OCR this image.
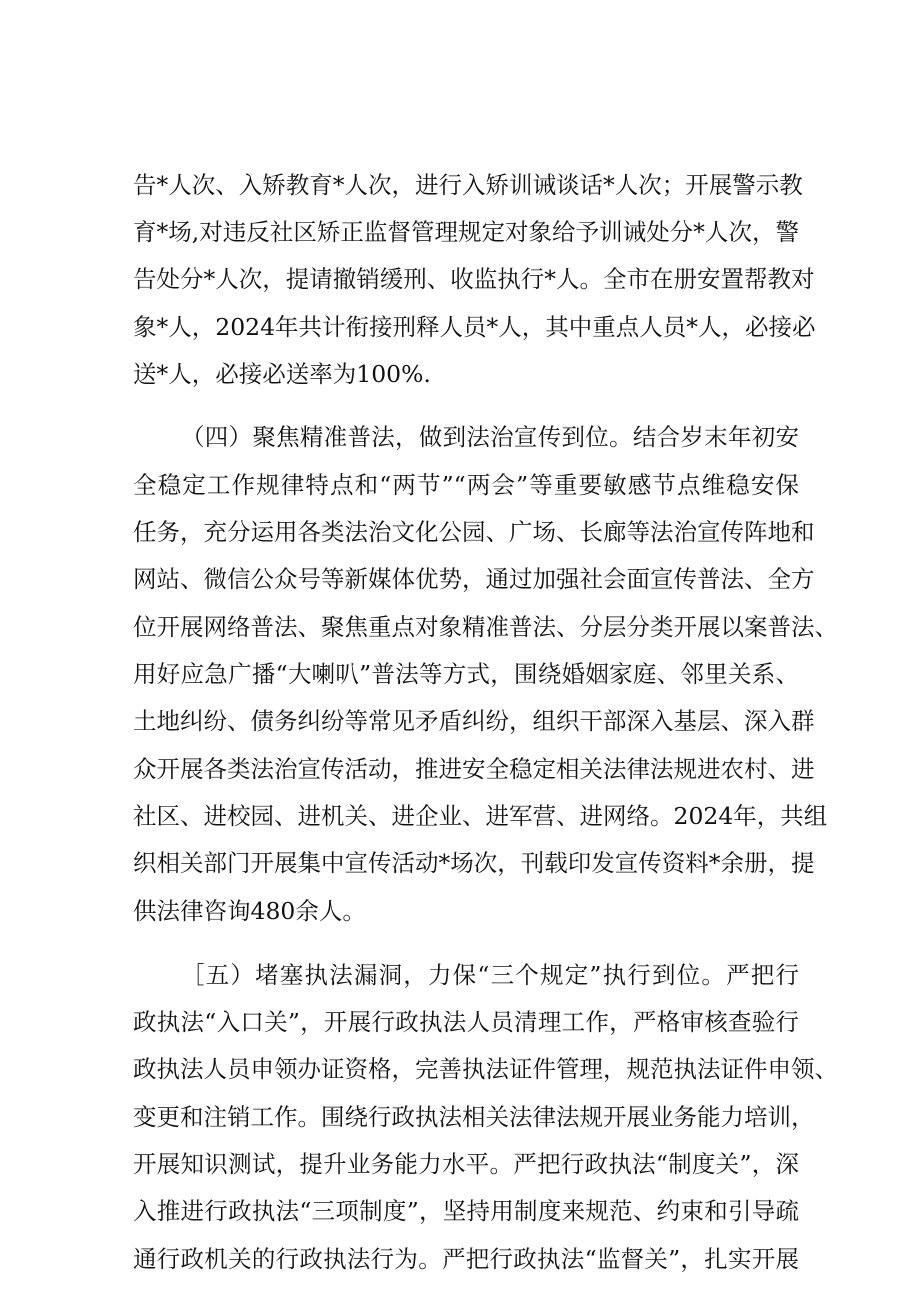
告*人次、入矫教育*人次，进行入矫训诫谈话*人次；开展警示教
育*场,对违反社区矫正监督管理规定对象给予训诫处分*人次，警
告处分*人次，提请撤销缓刑、收监执行*人。全市在册安置帮教对
象*人，2024年共计衔接刑释人员*人，其中重点人员*人，必接必
送*人，必接必送率为100%.
（四）聚焦精准普法，做到法治宣传到位。结合岁末年初安
全稳定工作规律特点和“两节”“两会”等重要敏感节点维稳安保
任务，充分运用各类法治文化公园、广场、长廊等法治宣传阵地和
网站、微信公众号等新媒体优势，通过加强社会面宣传普法、全方
位开展网络普法、聚焦重点对象精准普法、分层分类开展以案普法、
用好应急广播“大喇叭”普法等方式，围绕婚姻家庭、邻里关系、
土地纠纷、债务纠纷等常见矛盾纠纷，组织干部深入基层、深入群
众开展各类法治宣传活动，推进安全稳定相关法律法规进农村、进
社区、进校园、进机关、进企业、进军营、进网络。2024年，共组
织相关部门开展集中宣传活动*场次，刊载印发宣传资料*余册，提
供法律咨询480余人。
［五）堵塞执法漏洞，力保“三个规定”执行到位。严把行
政执法“入口关”，开展行政执法人员清理工作，严格审核查验行
政执法人员申领办证资格，完善执法证件管理，规范执法证件申领、
变更和注销工作。围绕行政执法相关法律法规开展业务能力培训，
开展知识测试，提升业务能力水平。严把行政执法“制度关”，深
入推进行政执法“三项制度”，坚持用制度来规范、约束和引导疏
通行政机关的行政执法行为。严把行政执法“监督关”，扎实开展
